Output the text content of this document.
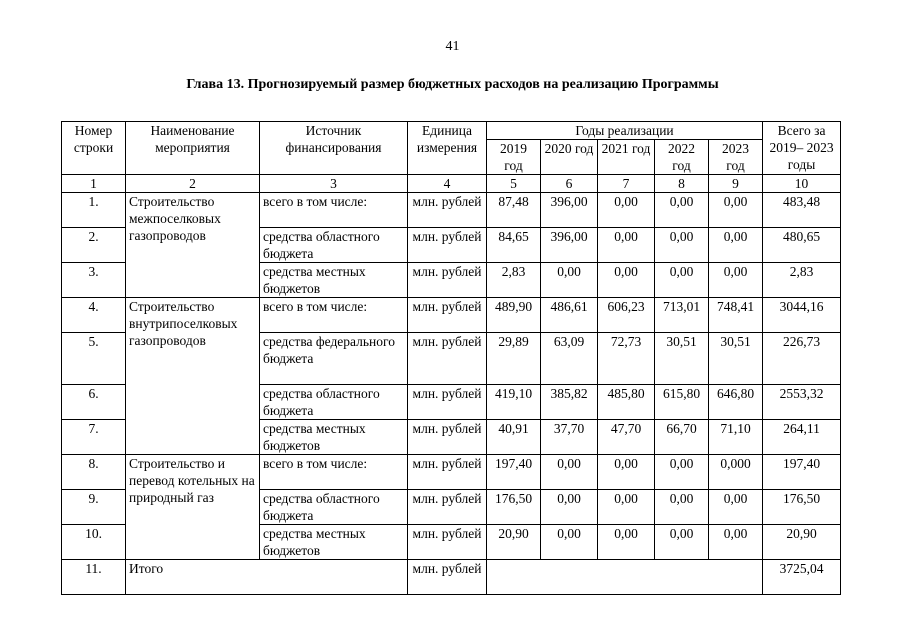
41
Глава 13. Прогнозируемый размер бюджетных расходов на реализацию Программы
Номер строки	Наименование мероприятия	Источник финансирования	Единица измерения	Годы реализации					Всего за 2019– 2023 годы
				2019 год	2020 год	2021 год	2022 год	2023 год	
1	2	3	4	5	6	7	8	9	10
1.	Строительство межпоселковых газопроводов	всего в том числе:	млн. рублей	87,48	396,00	0,00	0,00	0,00	483,48
2.		средства областного бюджета	млн. рублей	84,65	396,00	0,00	0,00	0,00	480,65
3.		средства местных бюджетов	млн. рублей	2,83	0,00	0,00	0,00	0,00	2,83
4.	Строительство внутрипоселковых газопроводов	всего в том числе:	млн. рублей	489,90	486,61	606,23	713,01	748,41	3044,16
5.		средства федерального бюджета	млн. рублей	29,89	63,09	72,73	30,51	30,51	226,73
6.		средства областного бюджета	млн. рублей	419,10	385,82	485,80	615,80	646,80	2553,32
7.		средства местных бюджетов	млн. рублей	40,91	37,70	47,70	66,70	71,10	264,11
8.	Строительство и перевод котельных на природный газ	всего в том числе:	млн. рублей	197,40	0,00	0,00	0,00	0,000	197,40
9.		средства областного бюджета	млн. рублей	176,50	0,00	0,00	0,00	0,00	176,50
10.		средства местных бюджетов	млн. рублей	20,90	0,00	0,00	0,00	0,00	20,90
11.	Итого		млн. рублей						3725,04
